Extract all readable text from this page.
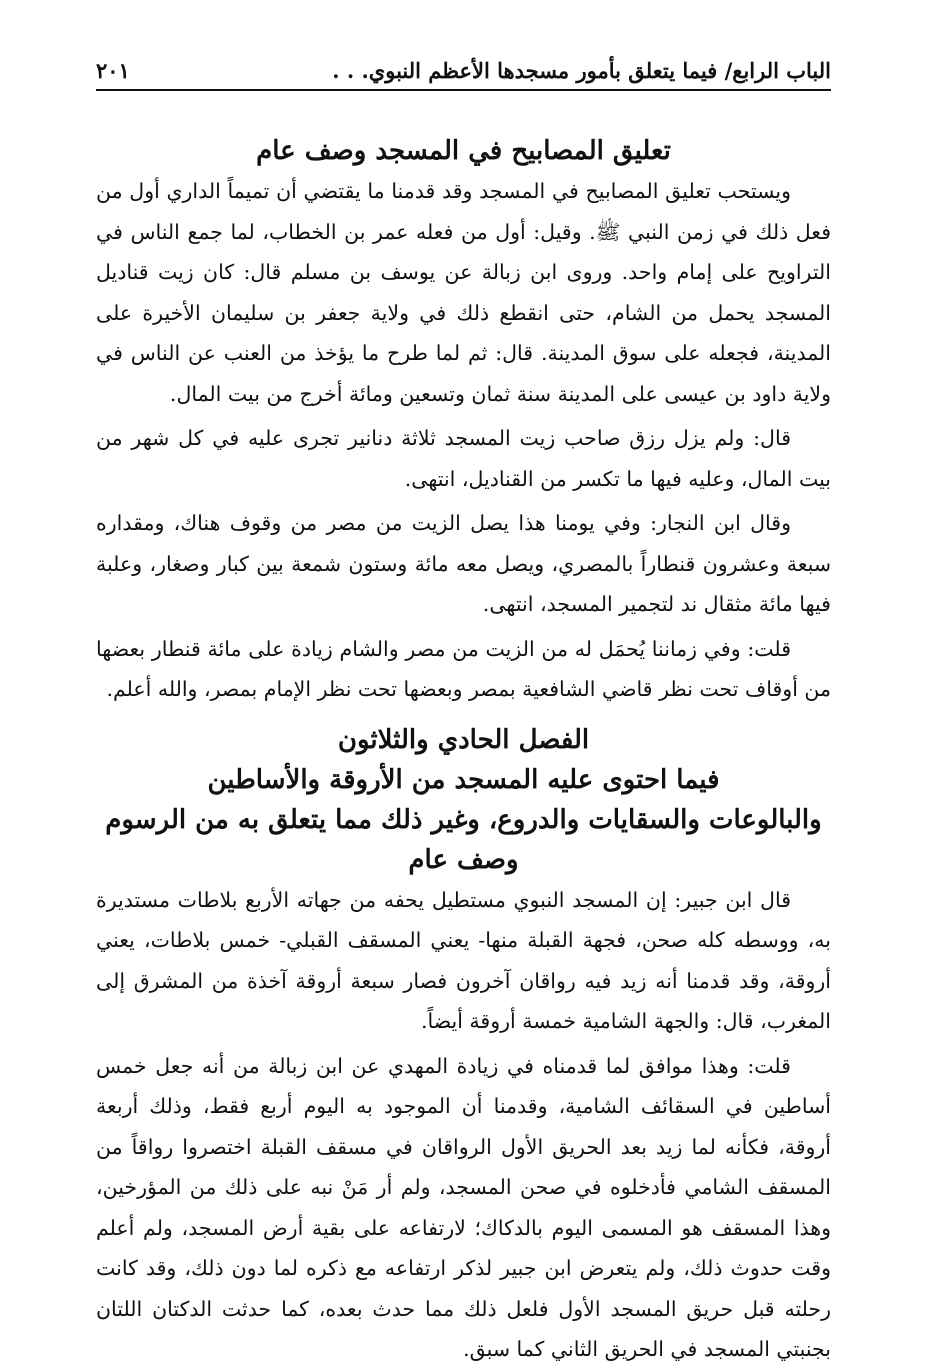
الباب الرابع/ فيما يتعلق بأمور مسجدها الأعظم النبوي. . .
٢٠١
تعليق المصابيح في المسجد وصف عام

ويستحب تعليق المصابيح في المسجد وقد قدمنا ما يقتضي أن تميماً الداري أول من فعل ذلك في زمن النبي ﷺ. وقيل: أول من فعله عمر بن الخطاب، لما جمع الناس في التراويح على إمام واحد. وروى ابن زبالة عن يوسف بن مسلم قال: كان زيت قناديل المسجد يحمل من الشام، حتى انقطع ذلك في ولاية جعفر بن سليمان الأخيرة على المدينة، فجعله على سوق المدينة. قال: ثم لما طرح ما يؤخذ من العنب عن الناس في ولاية داود بن عيسى على المدينة سنة ثمان وتسعين ومائة أخرج من بيت المال.

قال: ولم يزل رزق صاحب زيت المسجد ثلاثة دنانير تجرى عليه في كل شهر من بيت المال، وعليه فيها ما تكسر من القناديل، انتهى.

وقال ابن النجار: وفي يومنا هذا يصل الزيت من مصر من وقوف هناك، ومقداره سبعة وعشرون قنطاراً بالمصري، ويصل معه مائة وستون شمعة بين كبار وصغار، وعلبة فيها مائة مثقال ند لتجمير المسجد، انتهى.

قلت: وفي زماننا يُحمَل له من الزيت من مصر والشام زيادة على مائة قنطار بعضها من أوقاف تحت نظر قاضي الشافعية بمصر وبعضها تحت نظر الإمام بمصر، والله أعلم.

الفصل الحادي والثلاثون
فيما احتوى عليه المسجد من الأروقة والأساطين
والبالوعات والسقايات والدروع، وغير ذلك مما يتعلق به من الرسوم
وصف عام

قال ابن جبير: إن المسجد النبوي مستطيل يحفه من جهاته الأربع بلاطات مستديرة به، ووسطه كله صحن، فجهة القبلة منها- يعني المسقف القبلي- خمس بلاطات، يعني أروقة، وقد قدمنا أنه زيد فيه رواقان آخرون فصار سبعة أروقة آخذة من المشرق إلى المغرب، قال: والجهة الشامية خمسة أروقة أيضاً.

قلت: وهذا موافق لما قدمناه في زيادة المهدي عن ابن زبالة من أنه جعل خمس أساطين في السقائف الشامية، وقدمنا أن الموجود به اليوم أربع فقط، وذلك أربعة أروقة، فكأنه لما زيد بعد الحريق الأول الرواقان في مسقف القبلة اختصروا رواقاً من المسقف الشامي فأدخلوه في صحن المسجد، ولم أر مَنْ نبه على ذلك من المؤرخين، وهذا المسقف هو المسمى اليوم بالدكاك؛ لارتفاعه على بقية أرض المسجد، ولم أعلم وقت حدوث ذلك، ولم يتعرض ابن جبير لذكر ارتفاعه مع ذكره لما دون ذلك، وقد كانت رحلته قبل حريق المسجد الأول فلعل ذلك مما حدث بعده، كما حدثت الدكتان اللتان بجنبتي المسجد في الحريق الثاني كما سبق.
